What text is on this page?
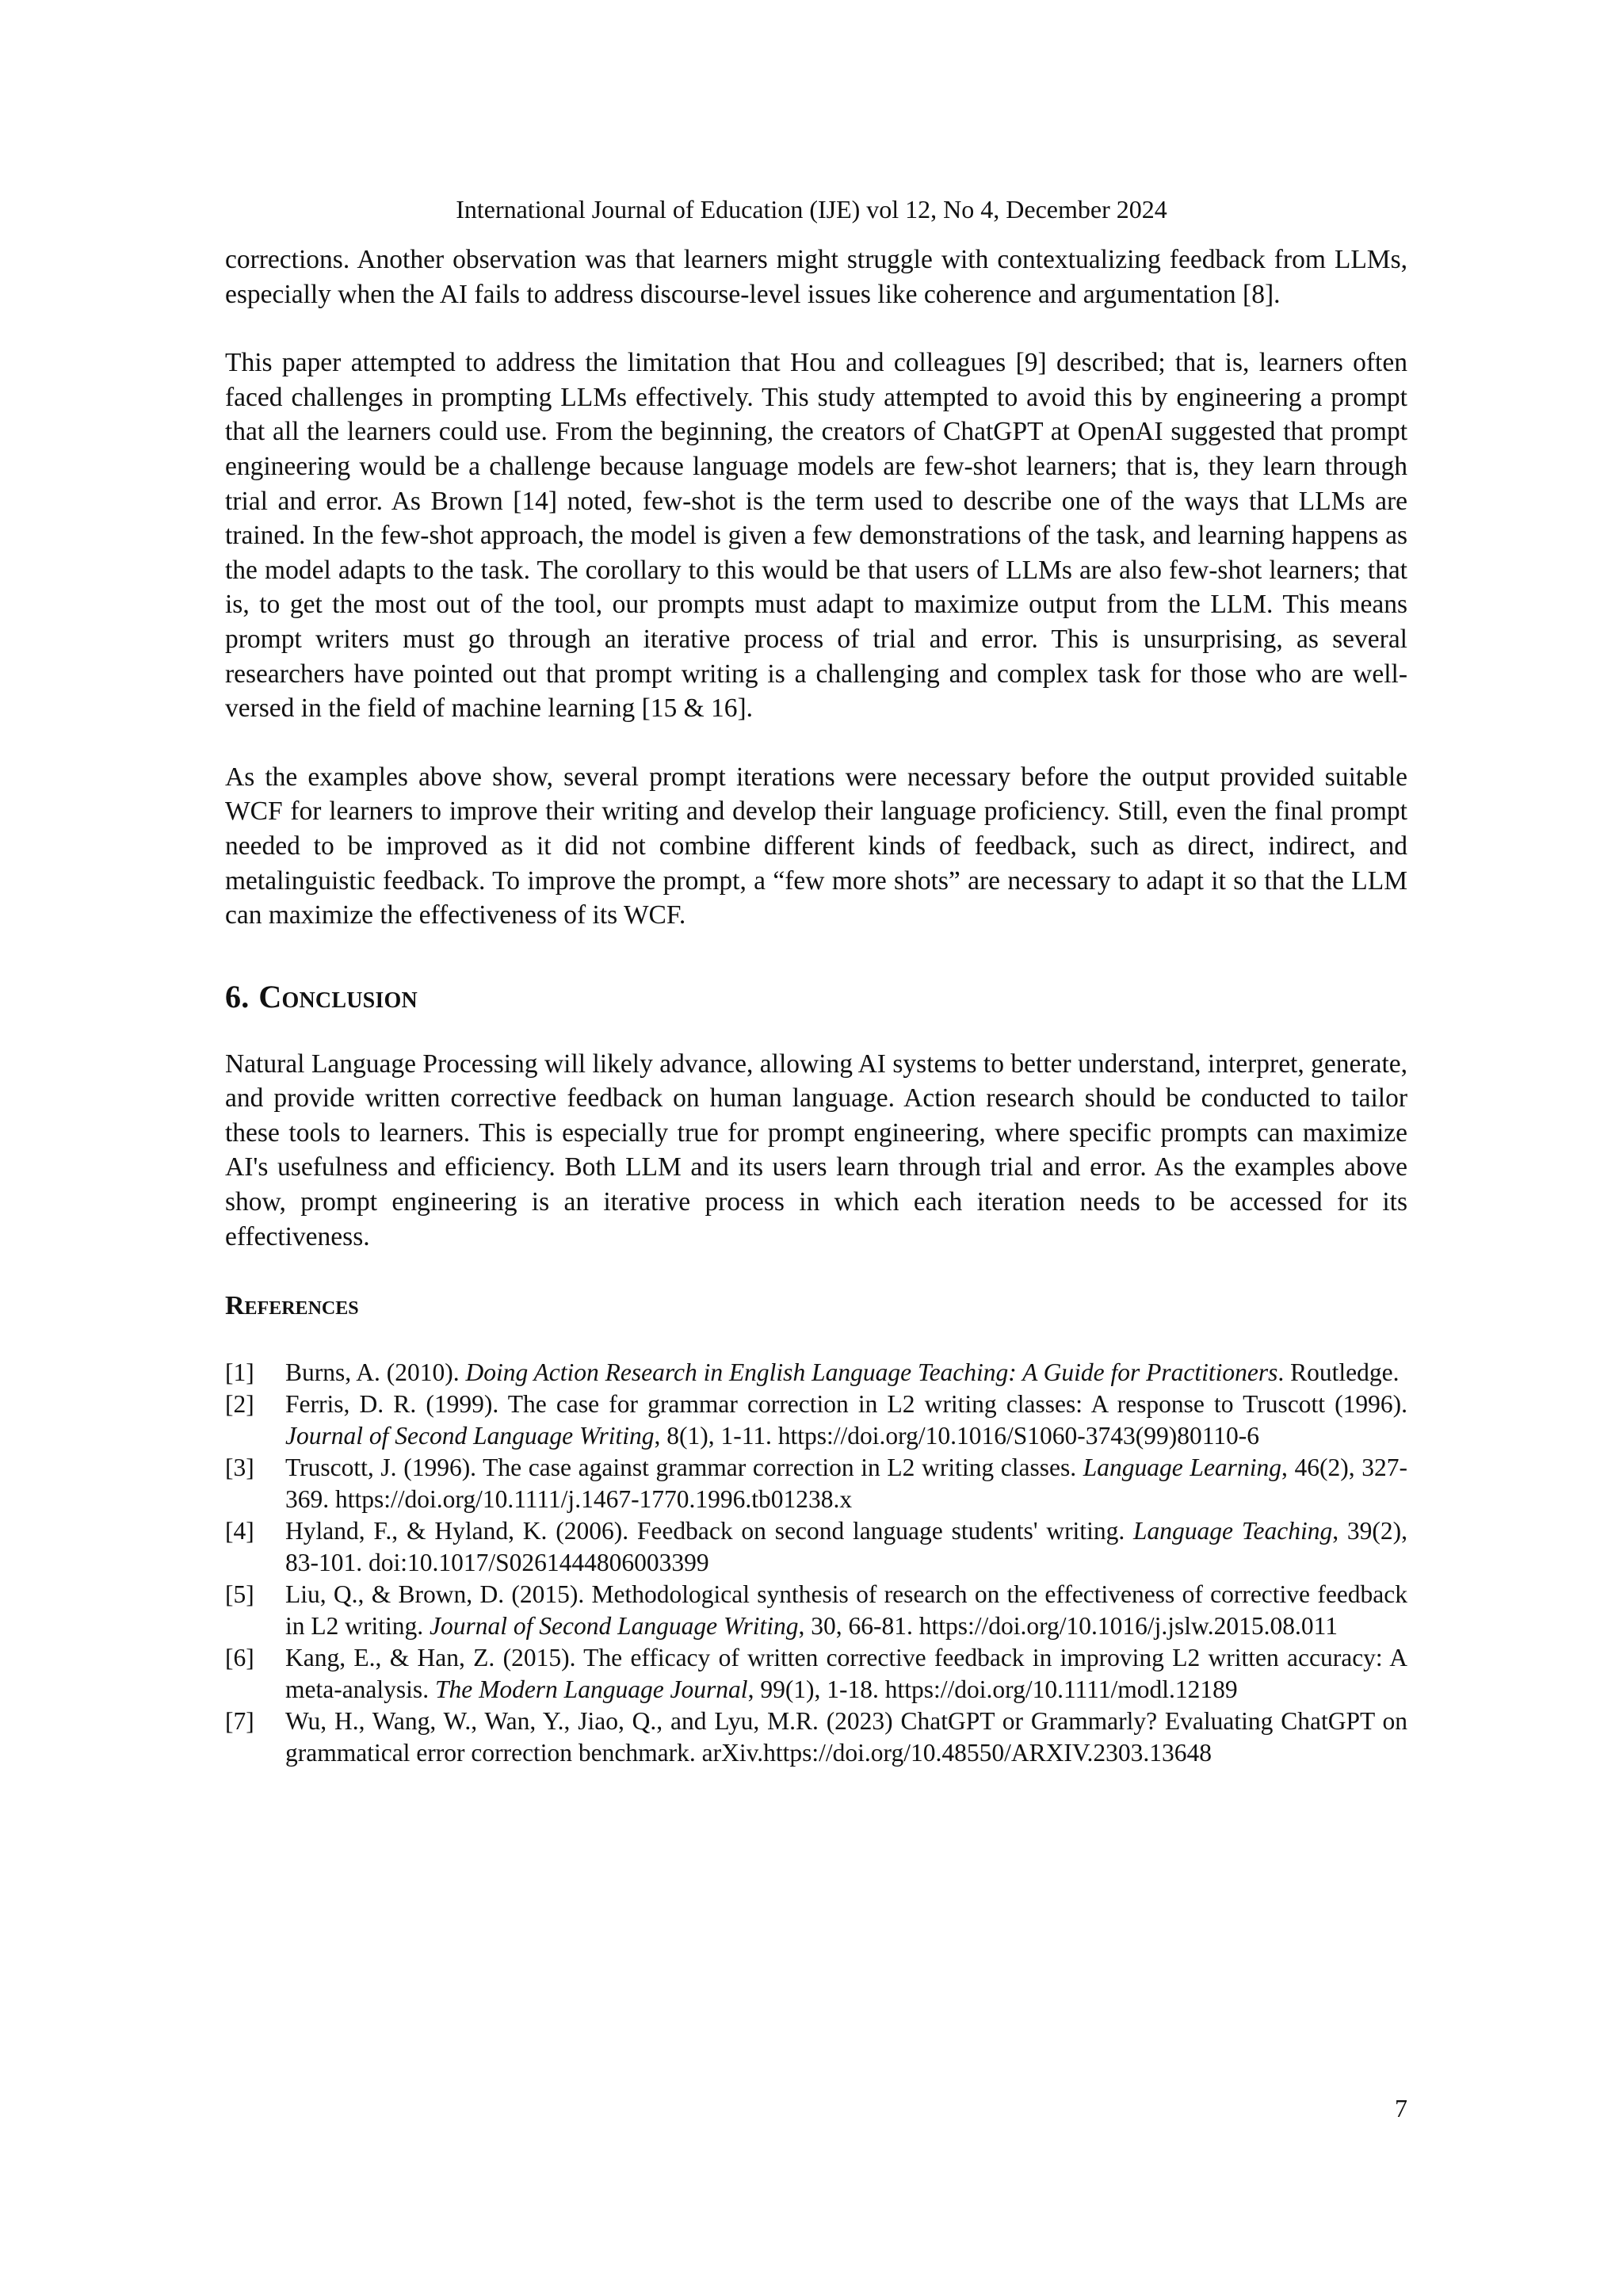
International Journal of Education (IJE) vol 12, No 4, December 2024

corrections. Another observation was that learners might struggle with contextualizing feedback from LLMs, especially when the AI fails to address discourse-level issues like coherence and argumentation [8].

This paper attempted to address the limitation that Hou and colleagues [9] described; that is, learners often faced challenges in prompting LLMs effectively. This study attempted to avoid this by engineering a prompt that all the learners could use. From the beginning, the creators of ChatGPT at OpenAI suggested that prompt engineering would be a challenge because language models are few-shot learners; that is, they learn through trial and error. As Brown [14] noted, few-shot is the term used to describe one of the ways that LLMs are trained. In the few-shot approach, the model is given a few demonstrations of the task, and learning happens as the model adapts to the task. The corollary to this would be that users of LLMs are also few-shot learners; that is, to get the most out of the tool, our prompts must adapt to maximize output from the LLM. This means prompt writers must go through an iterative process of trial and error. This is unsurprising, as several researchers have pointed out that prompt writing is a challenging and complex task for those who are well-versed in the field of machine learning [15 & 16].

As the examples above show, several prompt iterations were necessary before the output provided suitable WCF for learners to improve their writing and develop their language proficiency. Still, even the final prompt needed to be improved as it did not combine different kinds of feedback, such as direct, indirect, and metalinguistic feedback. To improve the prompt, a “few more shots” are necessary to adapt it so that the LLM can maximize the effectiveness of its WCF.

6. Conclusion

Natural Language Processing will likely advance, allowing AI systems to better understand, interpret, generate, and provide written corrective feedback on human language. Action research should be conducted to tailor these tools to learners. This is especially true for prompt engineering, where specific prompts can maximize AI's usefulness and efficiency. Both LLM and its users learn through trial and error. As the examples above show, prompt engineering is an iterative process in which each iteration needs to be accessed for its effectiveness.

References
[1] Burns, A. (2010). Doing Action Research in English Language Teaching: A Guide for Practitioners. Routledge.
[2] Ferris, D. R. (1999). The case for grammar correction in L2 writing classes: A response to Truscott (1996). Journal of Second Language Writing, 8(1), 1-11. https://doi.org/10.1016/S1060-3743(99)80110-6
[3] Truscott, J. (1996). The case against grammar correction in L2 writing classes. Language Learning, 46(2), 327-369. https://doi.org/10.1111/j.1467-1770.1996.tb01238.x
[4] Hyland, F., & Hyland, K. (2006). Feedback on second language students' writing. Language Teaching, 39(2), 83-101. doi:10.1017/S0261444806003399
[5] Liu, Q., & Brown, D. (2015). Methodological synthesis of research on the effectiveness of corrective feedback in L2 writing. Journal of Second Language Writing, 30, 66-81. https://doi.org/10.1016/j.jslw.2015.08.011
[6] Kang, E., & Han, Z. (2015). The efficacy of written corrective feedback in improving L2 written accuracy: A meta-analysis. The Modern Language Journal, 99(1), 1-18. https://doi.org/10.1111/modl.12189
[7] Wu, H., Wang, W., Wan, Y., Jiao, Q., and Lyu, M.R. (2023) ChatGPT or Grammarly? Evaluating ChatGPT on grammatical error correction benchmark. arXiv.https://doi.org/10.48550/ARXIV.2303.13648
7
